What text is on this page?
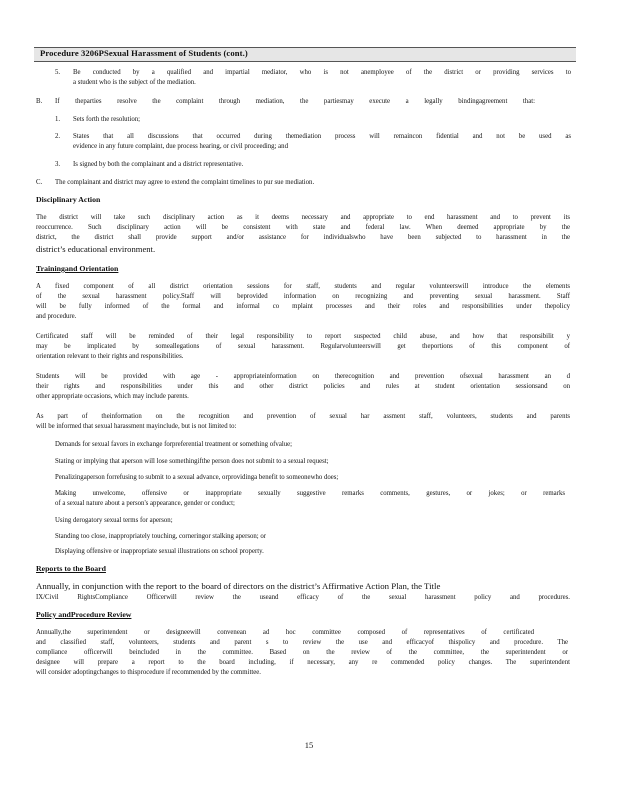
Procedure 3206PSexual Harassment of Students (cont.)
5. Be conducted by a qualified and impartial mediator, who is not anemployee of the district or providing services to
a student who is the subject of the mediation.
B. If theparties resolve the complaint through mediation, the partiesmay execute a legally bindingagreement that:
1. Sets forth the resolution;
2. States that all discussions that occurred during themediation process will remaincon fidential and not be used as
evidence in any future complaint, due process hearing, or civil proceeding; and
3. Is signed by both the complainant and a district representative.
C. The complainant and district may agree to extend the complaint timelines to pur sue mediation.
Disciplinary Action
The district will take such disciplinary action as it deems necessary and appropriate to end harassment and to prevent its
reoccurrence. Such disciplinary action will be consistent with state and federal law. When deemed appropriate by the
district, the district shall provide support and/or assistance for individualswho have been subjected to harassment in the
district’s educational environment.
Trainingand Orientation
A fixed component of all district orientation sessions for staff, students and regular volunteerswill introduce the elements
of the sexual harassment policy.Staff will beprovided information on recognizing and preventing sexual harassment. Staff
will be fully informed of the formal and informal co mplaint processes and their roles and responsibilities under thepolicy
and procedure.
Certificated staff will be reminded of their legal responsibility to report suspected child abuse, and how that responsibilit y
may be implicated by someallegations of sexual harassment. Regularvolunteerswill get theportions of this component of
orientation relevant to their rights and responsibilities.
Students will be provided with age - appropriateinformation on therecognition and prevention ofsexual harassment an d
their rights and responsibilities under this and other district policies and rules at student orientation sessionsand on
other appropriate occasions, which may include parents.
As part of theinformation on the recognition and prevention of sexual har assment staff, volunteers, students and parents
will be informed that sexual harassment mayinclude, but is not limited to:
Demands for sexual favors in exchange forpreferential treatment or something ofvalue;
Stating or implying that aperson will lose somethingifthe person does not submit to a sexual request;
Penalizingaperson forrefusing to submit to a sexual advance, orprovidinga benefit to someonewho does;
Making unwelcome, offensive or inappropriate sexually suggestive remarks comments, gestures, or jokes; or remarks
of a sexual nature about a person's appearance, gender or conduct;
Using derogatory sexual terms for aperson;
Standing too close, inappropriately touching, corneringor stalking aperson; or
Displaying offensive or inappropriate sexual illustrations on school property.
Reports to the Board
Annually, in conjunction with the report to the board of directors on the district’s Affirmative Action Plan, the Title
IX/Civil RightsCompliance Officerwill review the useand efficacy of the sexual harassment policy and procedures.
Policy andProcedure Review
Annually,the superintendent or designeewill convenean ad hoc committee composed of representatives of certificated
and classified staff, volunteers, students and parent s to review the use and efficacyof thispolicy and procedure. The
compliance officerwill beincluded in the committee. Based on the review of the committee, the superintendent or
designee will prepare a report to the board including, if necessary, any re commended policy changes. The superintendent
will consider adoptingchanges to thisprocedure if recommended by the committee.
15
